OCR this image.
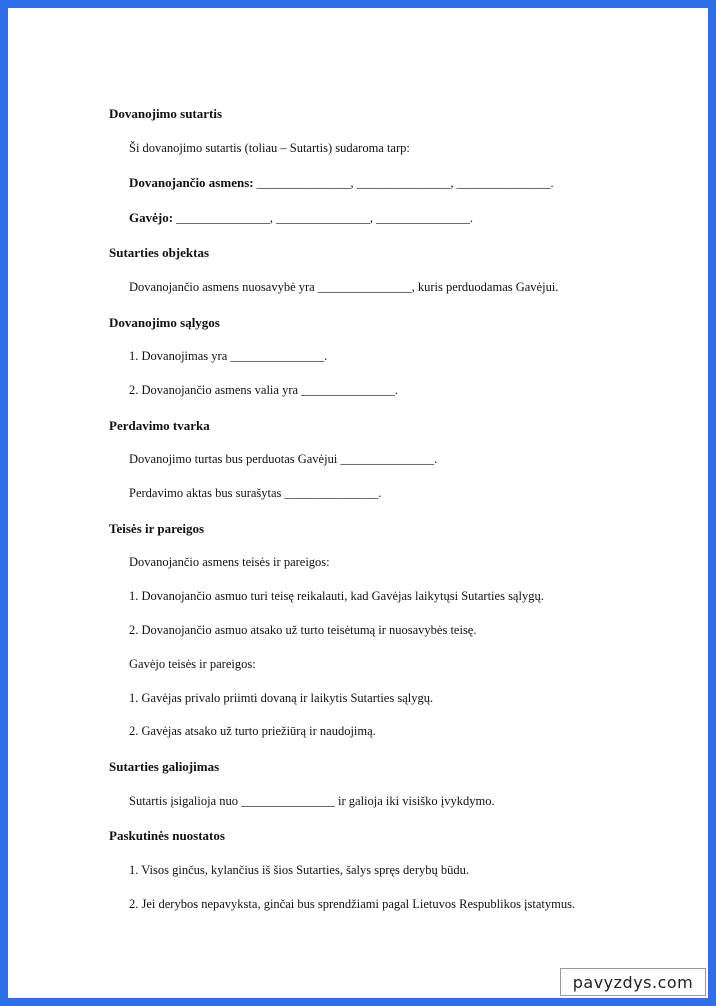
Dovanojimo sutartis
Ši dovanojimo sutartis (toliau – Sutartis) sudaroma tarp:
Dovanojančio asmens: _______________, _______________, _______________.
Gavėjo: _______________, _______________, _______________.
Sutarties objektas
Dovanojančio asmens nuosavybė yra _______________, kuris perduodamas Gavėjui.
Dovanojimo sąlygos
1. Dovanojimas yra _______________.
2. Dovanojančio asmens valia yra _______________.
Perdavimo tvarka
Dovanojimo turtas bus perduotas Gavėjui _______________.
Perdavimo aktas bus surašytas _______________.
Teisės ir pareigos
Dovanojančio asmens teisės ir pareigos:
1. Dovanojančio asmuo turi teisę reikalauti, kad Gavėjas laikytųsi Sutarties sąlygų.
2. Dovanojančio asmuo atsako už turto teisėtumą ir nuosavybės teisę.
Gavėjo teisės ir pareigos:
1. Gavėjas privalo priimti dovaną ir laikytis Sutarties sąlygų.
2. Gavėjas atsako už turto priežiūrą ir naudojimą.
Sutarties galiojimas
Sutartis įsigalioja nuo _______________ ir galioja iki visiško įvykdymo.
Paskutinės nuostatos
1. Visos ginčus, kylančius iš šios Sutarties, šalys spręs derybų būdu.
2. Jei derybos nepavyksta, ginčai bus sprendžiami pagal Lietuvos Respublikos įstatymus.
pavyzdys.com
